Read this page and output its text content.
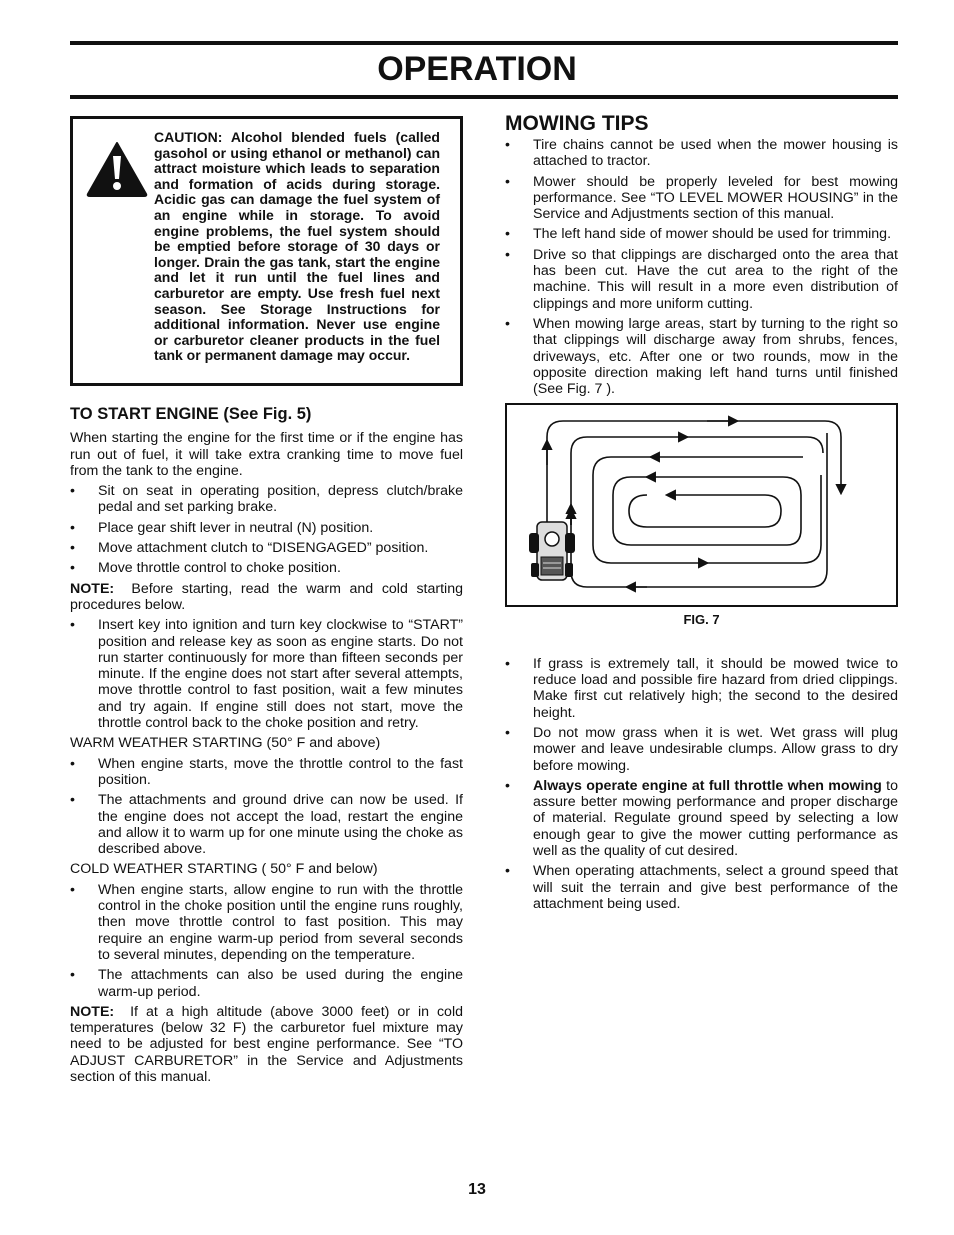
OPERATION
CAUTION: Alcohol blended fuels (called gasohol or using ethanol or methanol) can attract moisture which leads to separation and formation of acids during storage. Acidic gas can damage the fuel system of an engine while in storage. To avoid engine problems, the fuel system should be emptied before storage of 30 days or longer. Drain the gas tank, start the engine and let it run until the fuel lines and carburetor are empty. Use fresh fuel next season. See Storage Instructions for additional information. Never use engine or carburetor cleaner products in the fuel tank or permanent damage may occur.
TO START ENGINE (See Fig. 5)

When starting the engine for the first time or if the engine has run out of fuel, it will take extra cranking time to move fuel from the tank to the engine.

• Sit on seat in operating position, depress clutch/brake pedal and set parking brake.
• Place gear shift lever in neutral (N) position.
• Move attachment clutch to “DISENGAGED” position.
• Move throttle control to choke position.

NOTE: Before starting, read the warm and cold starting procedures below.

• Insert key into ignition and turn key clockwise to “START” position and release key as soon as engine starts. Do not run starter continuously for more than fifteen seconds per minute. If the engine does not start after several attempts, move throttle control to fast position, wait a few minutes and try again. If engine still does not start, move the throttle control back to the choke position and retry.

WARM WEATHER STARTING (50° F and above)

• When engine starts, move the throttle control to the fast position.
• The attachments and ground drive can now be used. If the engine does not accept the load, restart the engine and allow it to warm up for one minute using the choke as described above.

COLD WEATHER STARTING ( 50° F and below)

• When engine starts, allow engine to run with the throttle control in the choke position until the engine runs roughly, then move throttle control to fast position. This may require an engine warm-up period from several seconds to several minutes, depending on the temperature.
• The attachments can also be used during the engine warm-up period.

NOTE: If at a high altitude (above 3000 feet) or in cold temperatures (below 32 F) the carburetor fuel mixture may need to be adjusted for best engine performance. See “TO ADJUST CARBURETOR” in the Service and Adjustments section of this manual.

MOWING TIPS
• Tire chains cannot be used when the mower housing is attached to tractor.
• Mower should be properly leveled for best mowing performance. See “TO LEVEL MOWER HOUSING” in the Service and Adjustments section of this manual.
• The left hand side of mower should be used for trimming.
• Drive so that clippings are discharged onto the area that has been cut. Have the cut area to the right of the machine. This will result in a more even distribution of clippings and more uniform cutting.
• When mowing large areas, start by turning to the right so that clippings will discharge away from shrubs, fences, driveways, etc. After one or two rounds, mow in the opposite direction making left hand turns until finished (See Fig. 7 ).
FIG. 7
• If grass is extremely tall, it should be mowed twice to reduce load and possible fire hazard from dried clippings. Make first cut relatively high; the second to the desired height.
• Do not mow grass when it is wet. Wet grass will plug mower and leave undesirable clumps. Allow grass to dry before mowing.
• Always operate engine at full throttle when mowing to assure better mowing performance and proper discharge of material. Regulate ground speed by selecting a low enough gear to give the mower cutting performance as well as the quality of cut desired.
• When operating attachments, select a ground speed that will suit the terrain and give best performance of the attachment being used.
13
